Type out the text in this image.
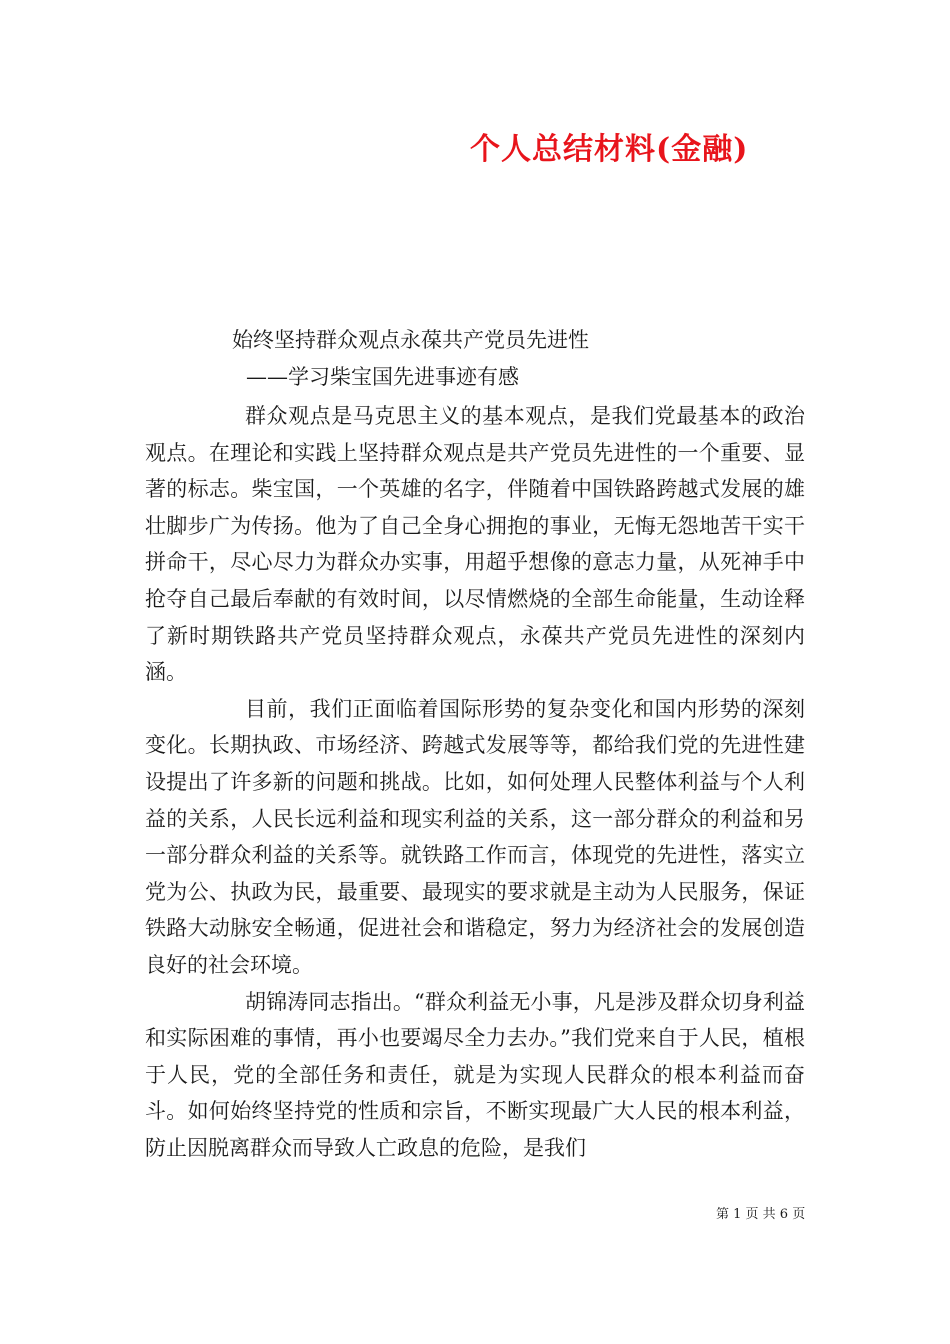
个人总结材料(金融)
始终坚持群众观点永葆共产党员先进性
——学习柴宝国先进事迹有感

群众观点是马克思主义的基本观点，是我们党最基本的政治观点。在理论和实践上坚持群众观点是共产党员先进性的一个重要、显著的标志。柴宝国，一个英雄的名字，伴随着中国铁路跨越式发展的雄壮脚步广为传扬。他为了自己全身心拥抱的事业，无悔无怨地苦干实干拼命干，尽心尽力为群众办实事，用超乎想像的意志力量，从死神手中抢夺自己最后奉献的有效时间，以尽情燃烧的全部生命能量，生动诠释了新时期铁路共产党员坚持群众观点，永葆共产党员先进性的深刻内涵。

目前，我们正面临着国际形势的复杂变化和国内形势的深刻变化。长期执政、市场经济、跨越式发展等等，都给我们党的先进性建设提出了许多新的问题和挑战。比如，如何处理人民整体利益与个人利益的关系，人民长远利益和现实利益的关系，这一部分群众的利益和另一部分群众利益的关系等。就铁路工作而言，体现党的先进性，落实立党为公、执政为民，最重要、最现实的要求就是主动为人民服务，保证铁路大动脉安全畅通，促进社会和谐稳定，努力为经济社会的发展创造良好的社会环境。

胡锦涛同志指出。“群众利益无小事，凡是涉及群众切身利益和实际困难的事情，再小也要竭尽全力去办。”我们党来自于人民，植根于人民，党的全部任务和责任，就是为实现人民群众的根本利益而奋斗。如何始终坚持党的性质和宗旨，不断实现最广大人民的根本利益，防止因脱离群众而导致人亡政息的危险，是我们

第 1 页 共 6 页
